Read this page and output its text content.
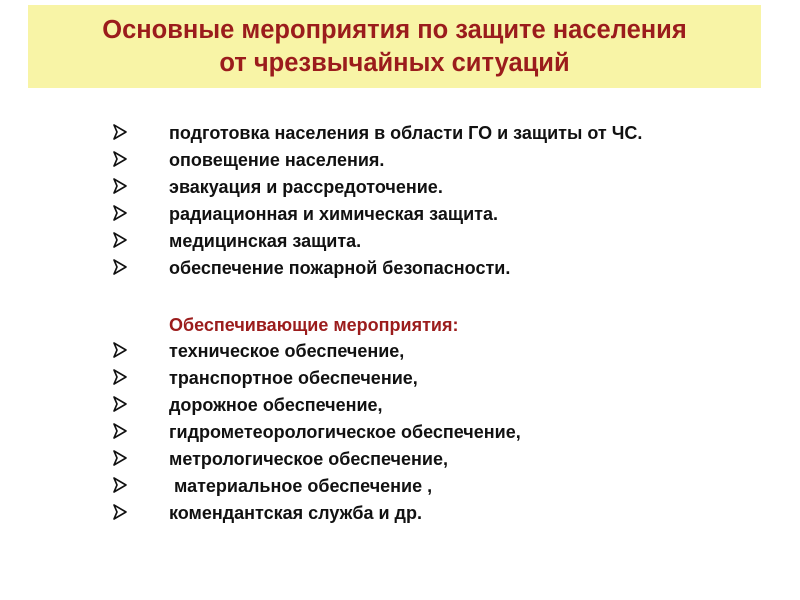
Основные мероприятия по защите населения
от чрезвычайных ситуаций
подготовка населения в области ГО и защиты от ЧС.
оповещение населения.
эвакуация и рассредоточение.
радиационная и химическая защита.
медицинская защита.
обеспечение пожарной безопасности.
Обеспечивающие мероприятия:
техническое обеспечение,
транспортное обеспечение,
дорожное обеспечение,
гидрометеорологическое обеспечение,
метрологическое обеспечение,
материальное обеспечение ,
комендантская служба и др.
